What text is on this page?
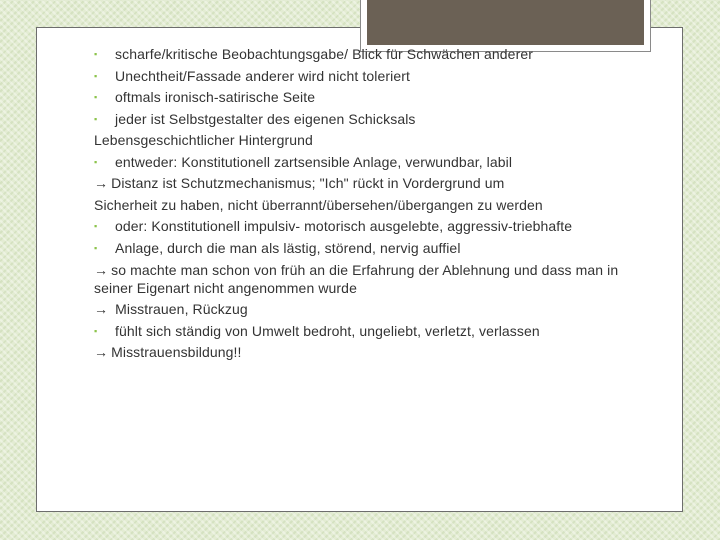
▪	scharfe/kritische Beobachtungsgabe/ Blick für Schwächen anderer
▪	Unechtheit/Fassade anderer wird nicht toleriert
▪	oftmals ironisch-satirische Seite
▪	jeder ist Selbstgestalter des eigenen Schicksals
Lebensgeschichtlicher Hintergrund
▪	entweder: Konstitutionell zartsensible Anlage, verwundbar, labil
→ Distanz ist Schutzmechanismus; "Ich" rückt in Vordergrund um
Sicherheit zu haben, nicht überrannt/übersehen/übergangen zu werden
▪	oder: Konstitutionell impulsiv- motorisch ausgelebte, aggressiv-triebhafte
▪	Anlage, durch die man als lästig, störend, nervig auffiel
→ so machte man schon von früh an die Erfahrung der Ablehnung und dass man in seiner Eigenart nicht angenommen wurde
→ Misstrauen, Rückzug
▪	fühlt sich ständig von Umwelt bedroht, ungeliebt, verletzt, verlassen
→ Misstrauensbildung!!
